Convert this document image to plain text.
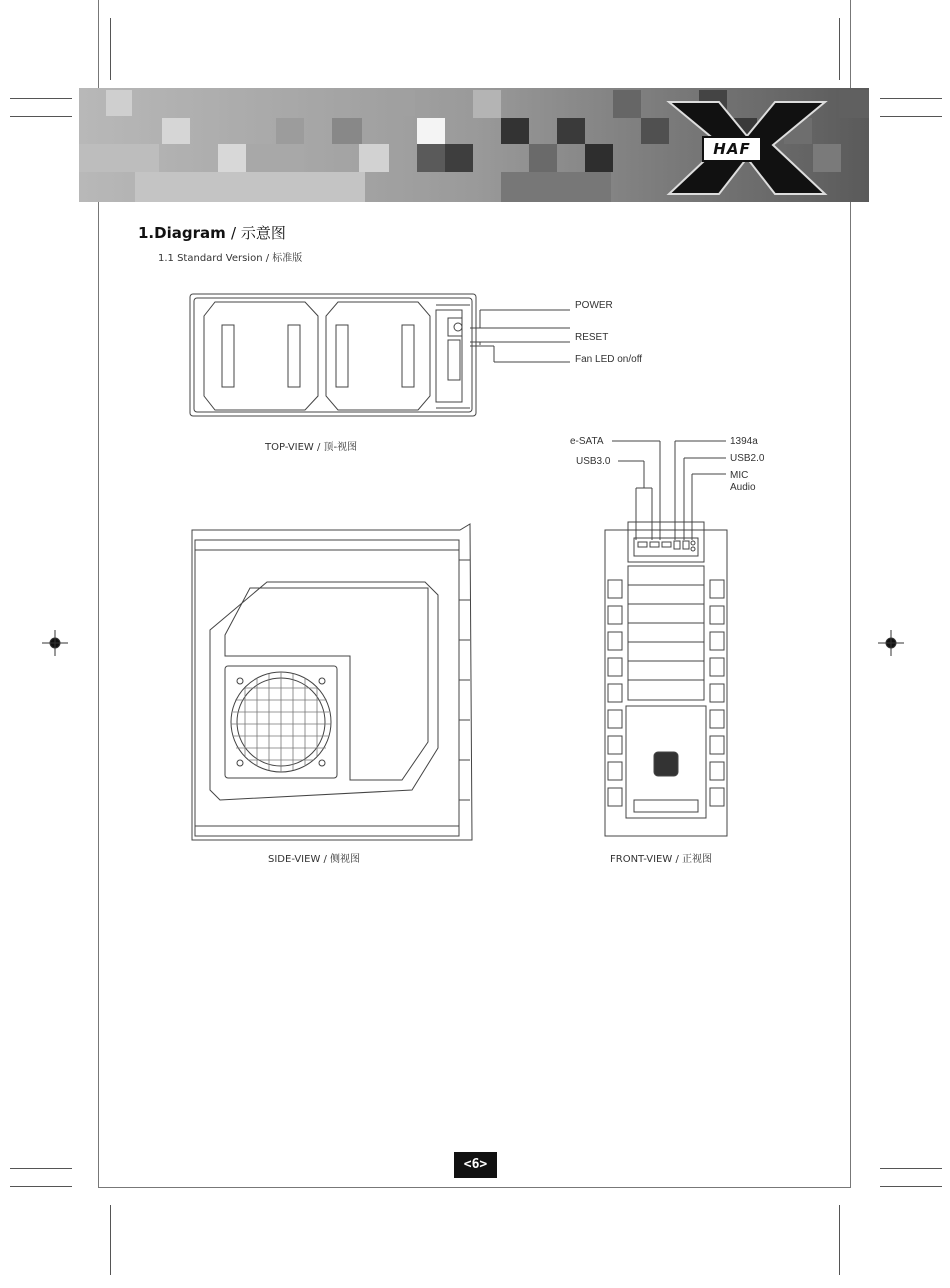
HAF
1.Diagram / 示意图
1.1 Standard Version / 标准版
POWER
RESET
Fan LED on/off
TOP-VIEW / 顶-视图
e-SATA
USB3.0
1394a
USB2.0
MIC
Audio
SIDE-VIEW / 侧视图	FRONT-VIEW / 正视图
<6>
